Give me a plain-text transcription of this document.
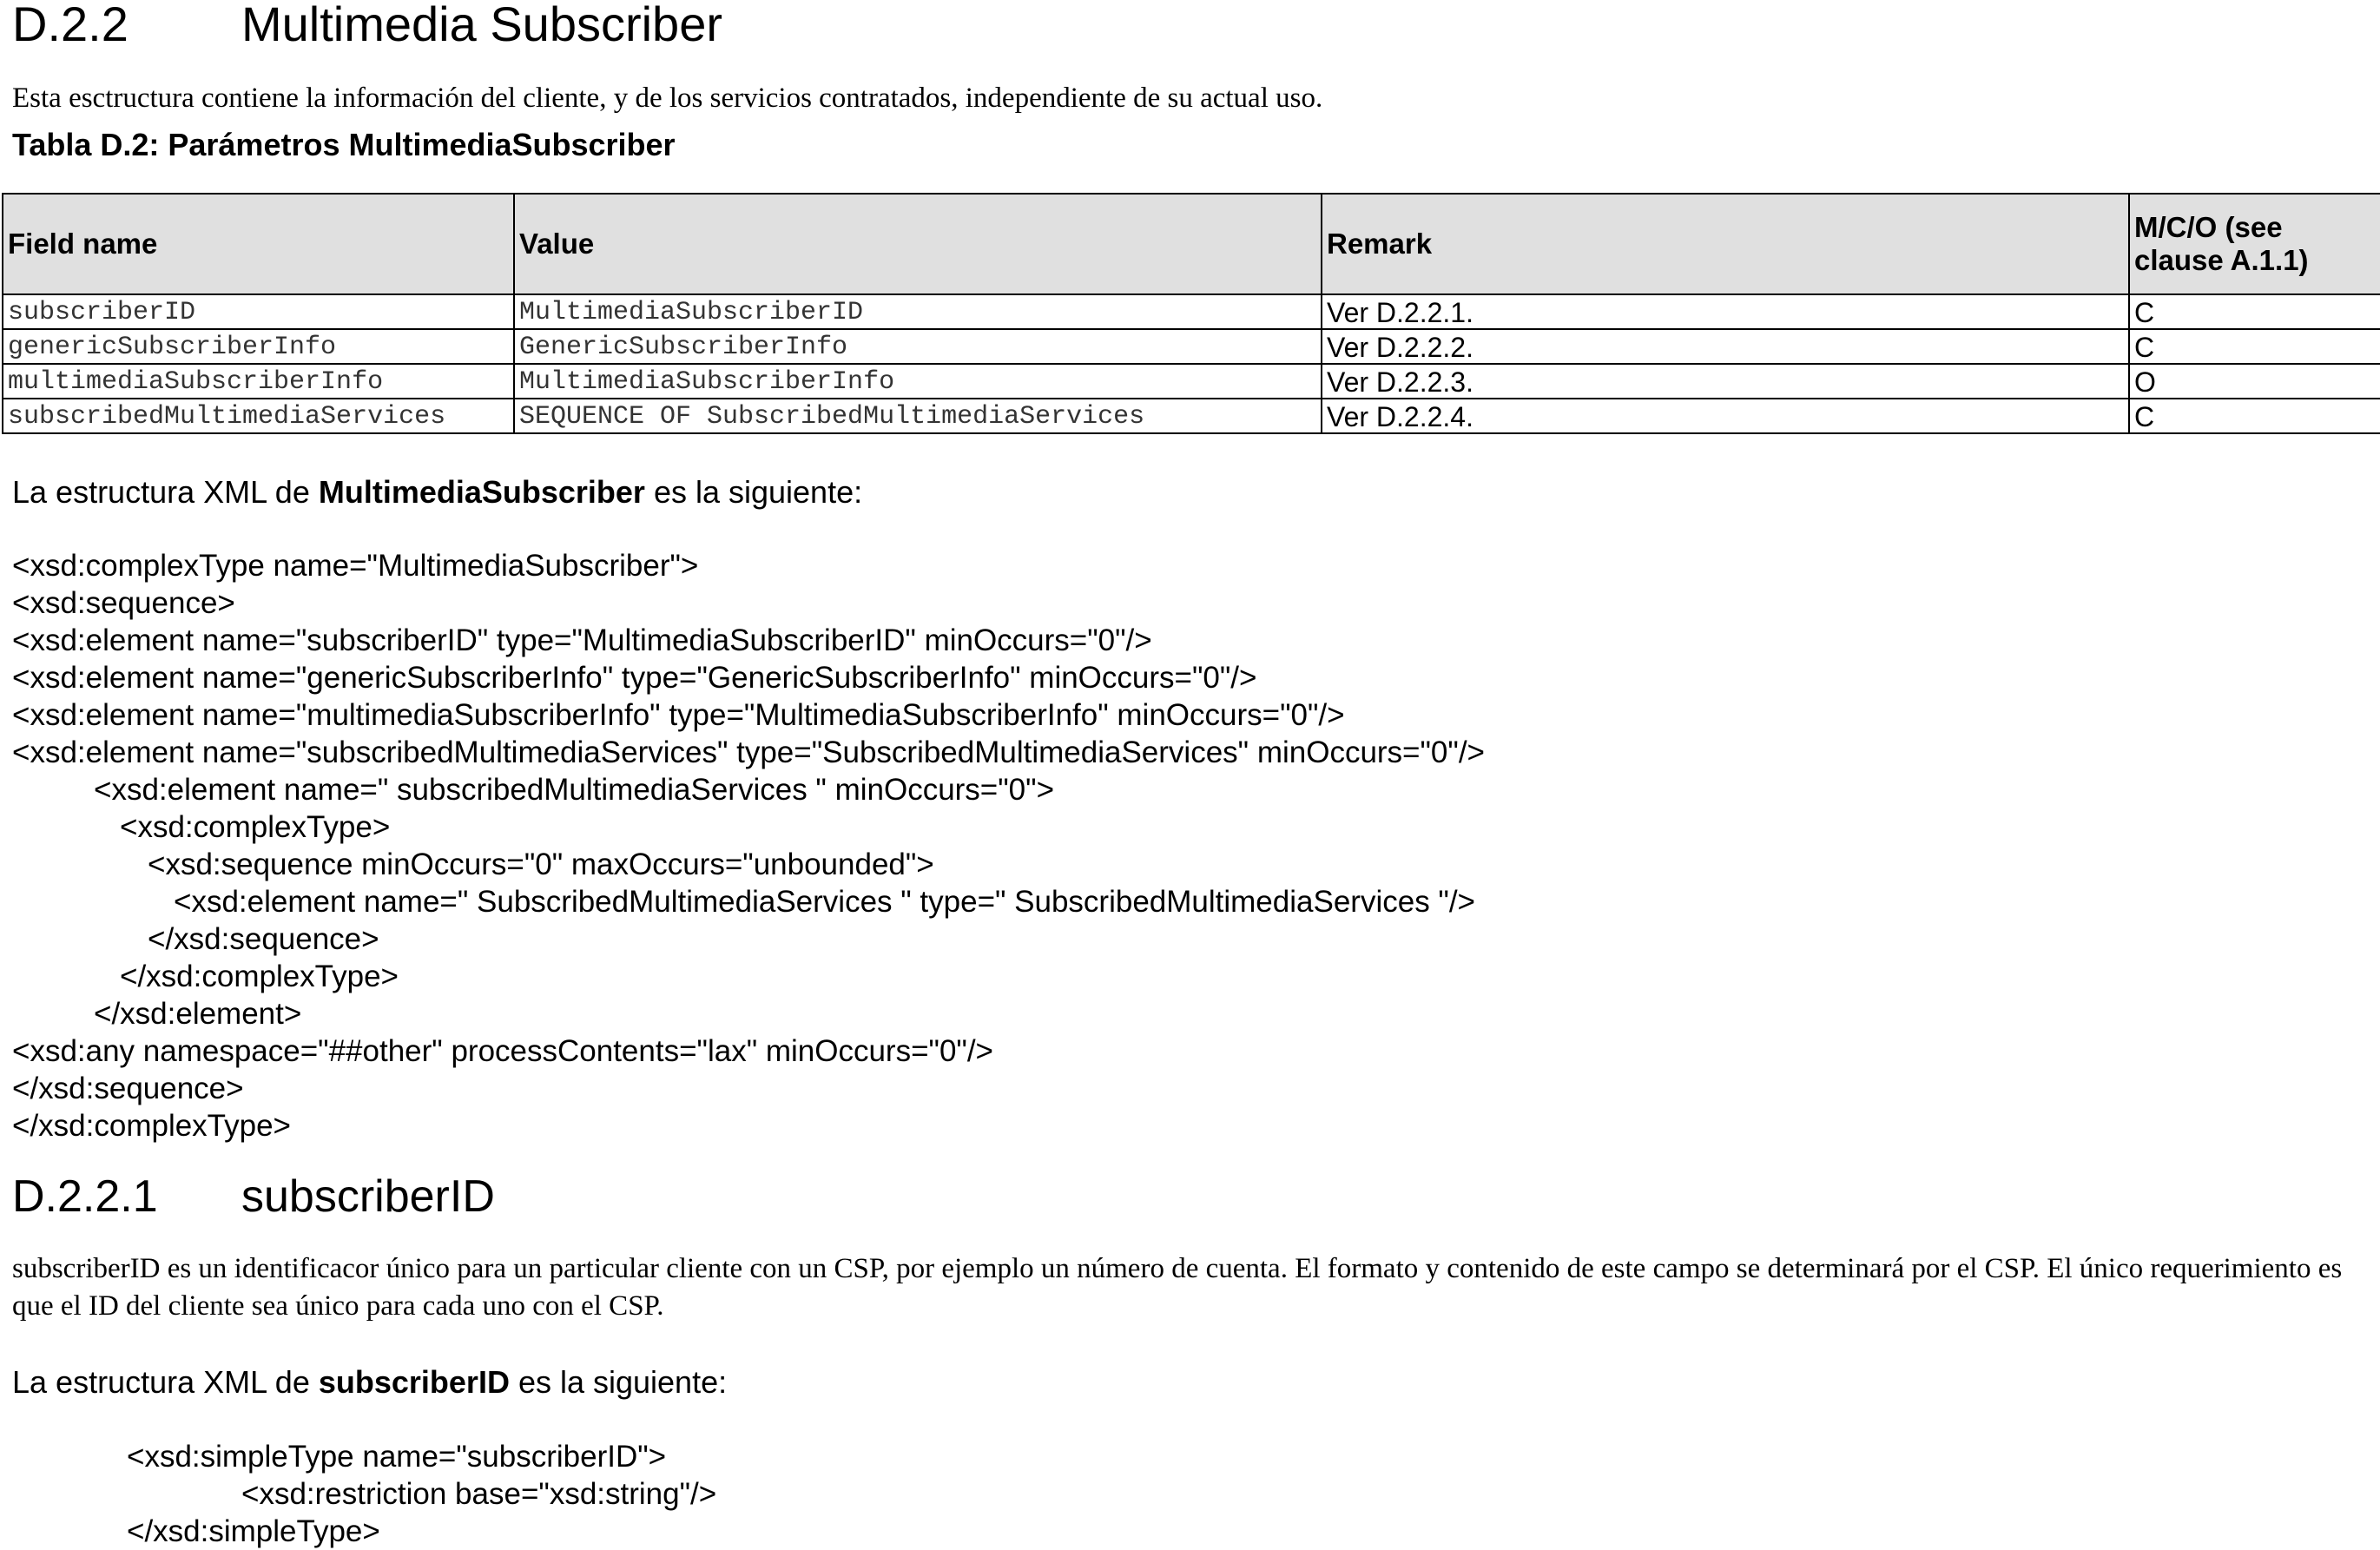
D.2.2 Multimedia Subscriber
Esta esctructura contiene la información del cliente, y de los servicios contratados, independiente de su actual uso.
Tabla D.2: Parámetros MultimediaSubscriber
Field name	Value	Remark	M/C/O (see clause A.1.1)
subscriberID	MultimediaSubscriberID	Ver D.2.2.1.	C
genericSubscriberInfo	GenericSubscriberInfo	Ver D.2.2.2.	C
multimediaSubscriberInfo	MultimediaSubscriberInfo	Ver D.2.2.3.	O
subscribedMultimediaServices	SEQUENCE OF SubscribedMultimediaServices	Ver D.2.2.4.	C
La estructura XML de MultimediaSubscriber es la siguiente:
<xsd:complexType name="MultimediaSubscriber">
<xsd:sequence>
<xsd:element name="subscriberID" type="MultimediaSubscriberID" minOccurs="0"/>
<xsd:element name="genericSubscriberInfo" type="GenericSubscriberInfo" minOccurs="0"/>
<xsd:element name="multimediaSubscriberInfo" type="MultimediaSubscriberInfo" minOccurs="0"/>
<xsd:element name="subscribedMultimediaServices" type="SubscribedMultimediaServices" minOccurs="0"/>
<xsd:element name=" subscribedMultimediaServices " minOccurs="0">
<xsd:complexType>
<xsd:sequence minOccurs="0" maxOccurs="unbounded">
<xsd:element name=" SubscribedMultimediaServices " type=" SubscribedMultimediaServices "/>
</xsd:sequence>
</xsd:complexType>
</xsd:element>
<xsd:any namespace="##other" processContents="lax" minOccurs="0"/>
</xsd:sequence>
</xsd:complexType>
D.2.2.1 subscriberID
subscriberID es un identificacor único para un particular cliente con un CSP, por ejemplo un número de cuenta. El formato y contenido de este campo se determinará por el CSP. El único requerimiento es que el ID del cliente sea único para cada uno con el CSP.
La estructura XML de subscriberID es la siguiente:
<xsd:simpleType name="subscriberID">
<xsd:restriction base="xsd:string"/>
</xsd:simpleType>
